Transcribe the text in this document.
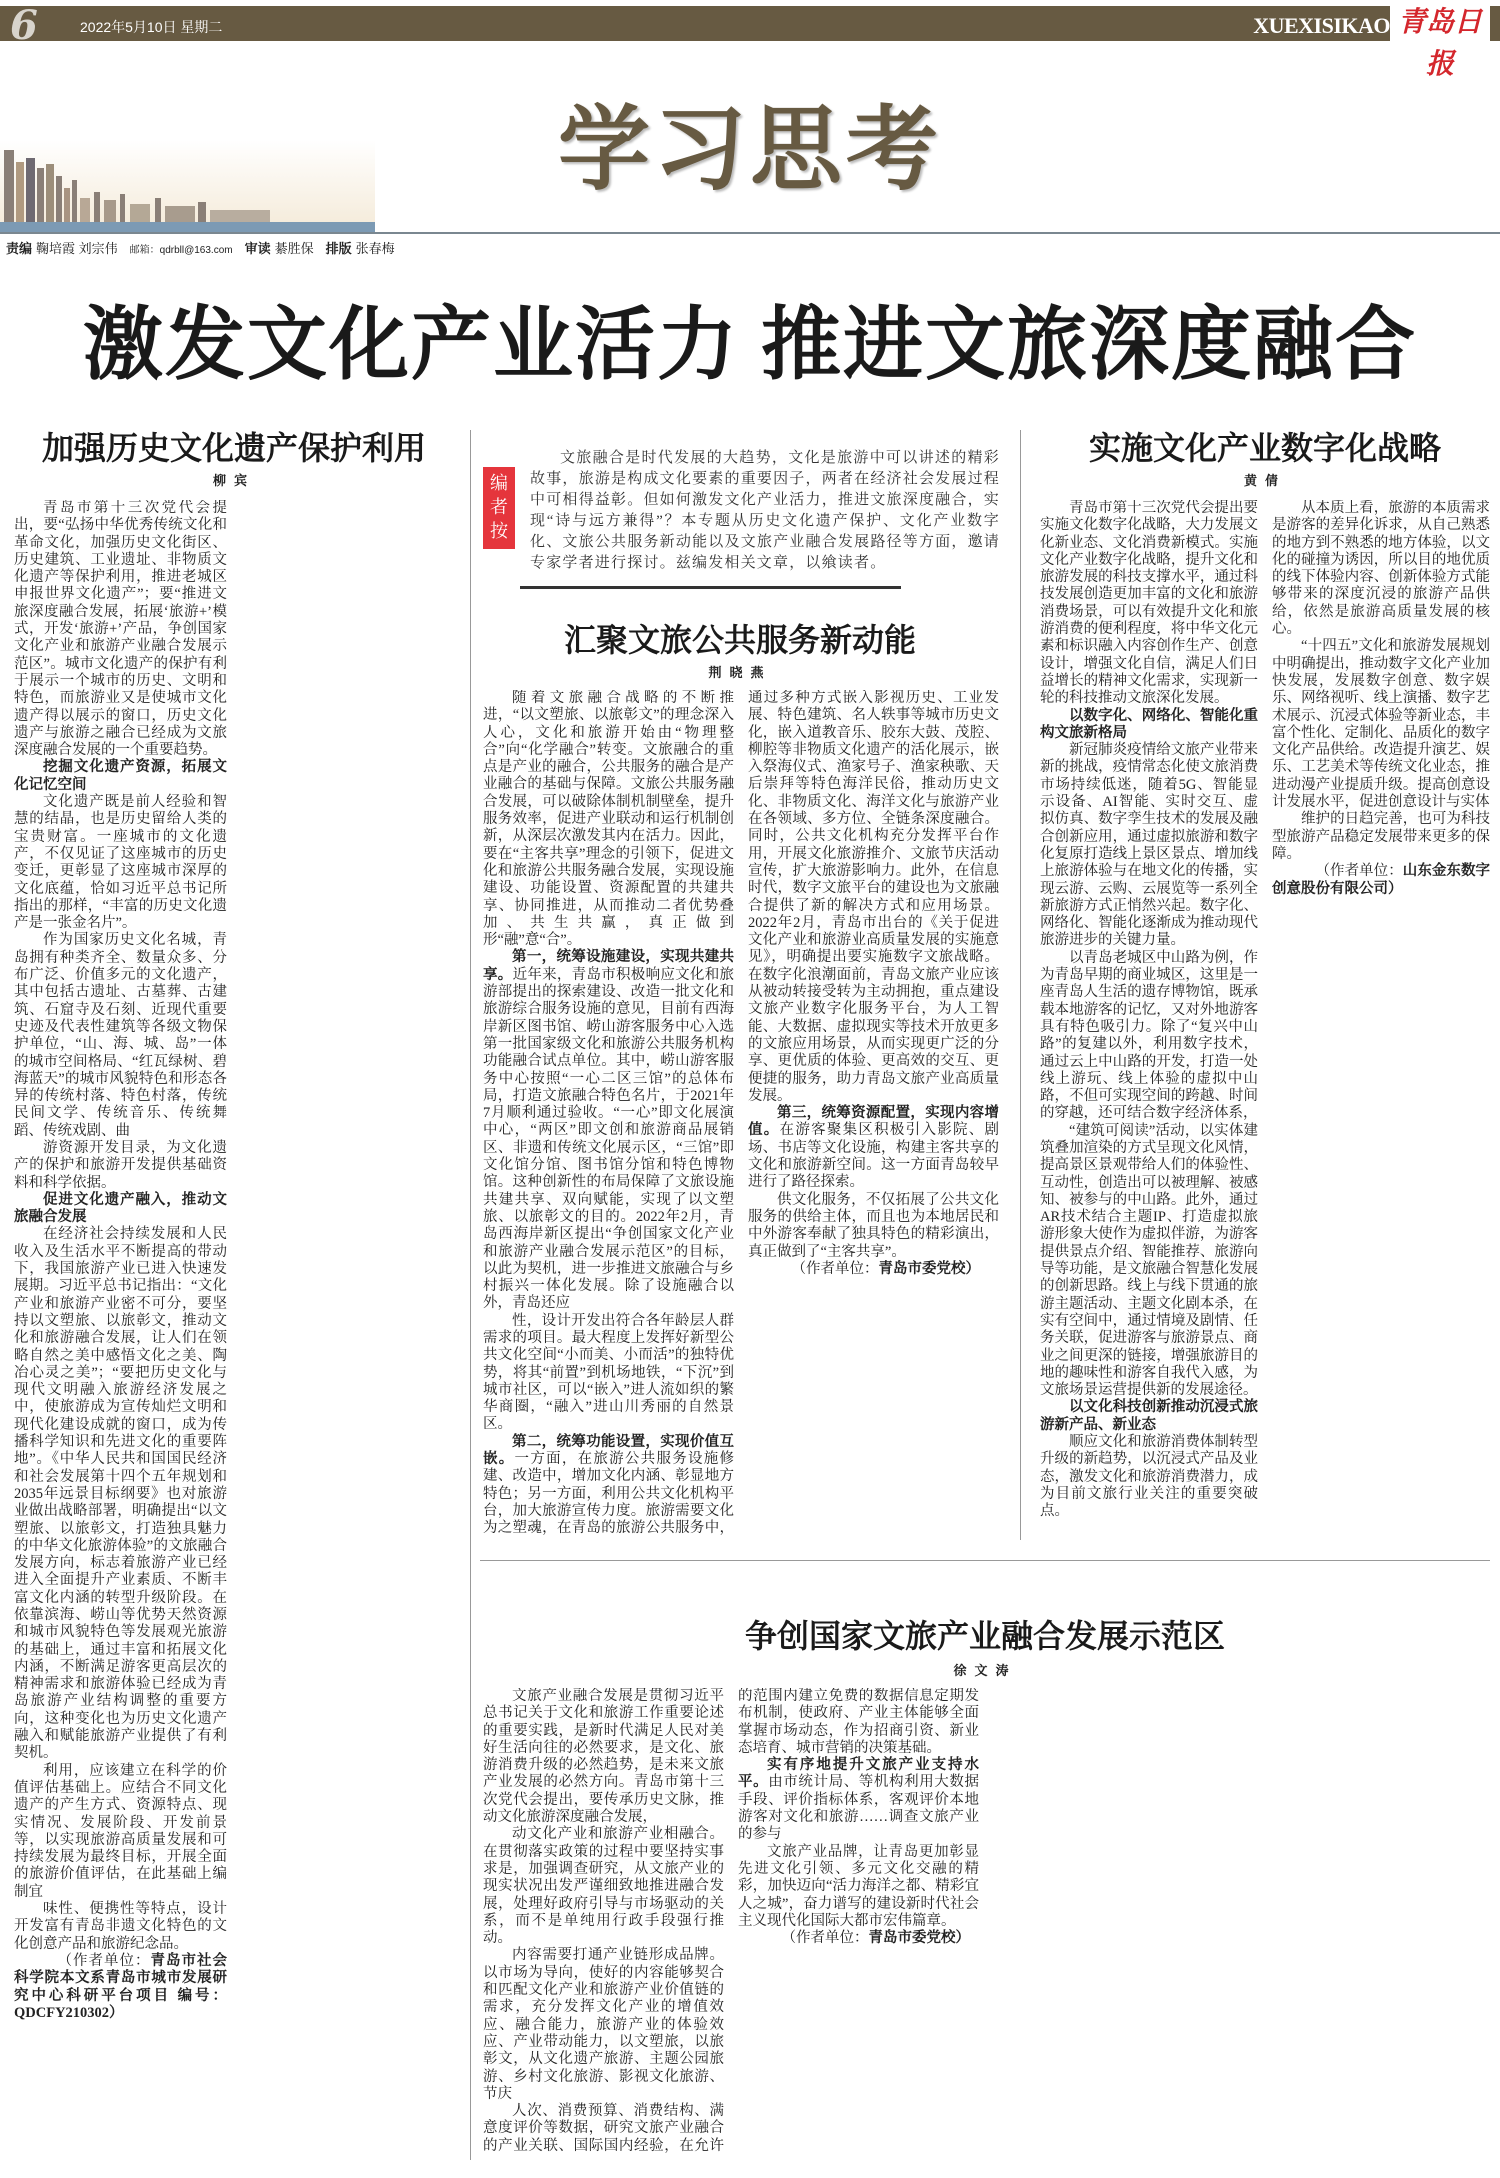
6	2022年5月10日 星期二	XUEXISIKAO 青岛日报
学习思考
责编 鞠培霞 刘宗伟 邮箱：qdrbll@163.com 审读 綦胜保 排版 张春梅
激发文化产业活力 推进文旅深度融合
编者按
文旅融合是时代发展的大趋势，文化是旅游中可以讲述的精彩故事，旅游是构成文化要素的重要因子，两者在经济社会发展过程中可相得益彰。但如何激发文化产业活力，推进文旅深度融合，实现“诗与远方兼得”？本专题从历史文化遗产保护、文化产业数字化、文旅公共服务新动能以及文旅产业融合发展路径等方面，邀请专家学者进行探讨。兹编发相关文章，以飨读者。
加强历史文化遗产保护利用
柳宾

青岛市第十三次党代会提出，要“弘扬中华优秀传统文化和革命文化，加强历史文化街区、历史建筑、工业遗址、非物质文化遗产等保护利用，推进老城区申报世界文化遗产”；要“推进文旅深度融合发展，拓展‘旅游+’模式，开发‘旅游+’产品，争创国家文化产业和旅游产业融合发展示范区”。城市文化遗产的保护有利于展示一个城市的历史、文明和特色，而旅游业又是使城市文化遗产得以展示的窗口，历史文化遗产与旅游之融合已经成为文旅深度融合发展的一个重要趋势。

挖掘文化遗产资源，拓展文化记忆空间

文化遗产既是前人经验和智慧的结晶，也是历史留给人类的宝贵财富。一座城市的文化遗产，不仅见证了这座城市的历史变迁，更彰显了这座城市深厚的文化底蕴，恰如习近平总书记所指出的那样，“丰富的历史文化遗产是一张金名片”。

作为国家历史文化名城，青岛拥有种类齐全、数量众多、分布广泛、价值多元的文化遗产，其中包括古遗址、古墓葬、古建筑、石窟寺及石刻、近现代重要史迹及代表性建筑等各级文物保护单位，“山、海、城、岛”一体的城市空间格局、“红瓦绿树、碧海蓝天”的城市风貌特色和形态各异的传统村落、特色村落，传统民间文学、传统音乐、传统舞蹈、传统戏剧、曲

游资源开发目录，为文化遗产的保护和旅游开发提供基础资料和科学依据。

促进文化遗产融入，推动文旅融合发展

在经济社会持续发展和人民收入及生活水平不断提高的带动下，我国旅游产业已进入快速发展期。习近平总书记指出：“文化产业和旅游产业密不可分，要坚持以文塑旅、以旅彰文，推动文化和旅游融合发展，让人们在领略自然之美中感悟文化之美、陶冶心灵之美”；“要把历史文化与现代文明融入旅游经济发展之中，使旅游成为宣传灿烂文明和现代化建设成就的窗口，成为传播科学知识和先进文化的重要阵地”。《中华人民共和国国民经济和社会发展第十四个五年规划和2035年远景目标纲要》也对旅游业做出战略部署，明确提出“以文塑旅、以旅彰文，打造独具魅力的中华文化旅游体验”的文旅融合发展方向，标志着旅游产业已经进入全面提升产业素质、不断丰富文化内涵的转型升级阶段。在依靠滨海、崂山等优势天然资源和城市风貌特色等发展观光旅游的基础上，通过丰富和拓展文化内涵，不断满足游客更高层次的精神需求和旅游体验已经成为青岛旅游产业结构调整的重要方向，这种变化也为历史文化遗产融入和赋能旅游产业提供了有利契机。

利用，应该建立在科学的价值评估基础上。应结合不同文化遗产的产生方式、资源特点、现实情况、发展阶段、开发前景等，以实现旅游高质量发展和可持续发展为最终目标，开展全面的旅游价值评估，在此基础上编制宜

味性、便携性等特点，设计开发富有青岛非遗文化特色的文化创意产品和旅游纪念品。

（作者单位：青岛市社会科学院本文系青岛市城市发展研究中心科研平台项目 编号：QDCFY210302）

汇聚文旅公共服务新动能
荆晓燕

随着文旅融合战略的不断推进，“以文塑旅、以旅彰文”的理念深入人心，文化和旅游开始由“物理整合”向“化学融合”转变。文旅融合的重点是产业的融合，公共服务的融合是产业融合的基础与保障。文旅公共服务融合发展，可以破除体制机制壁垒，提升服务效率，促进产业联动和运行机制创新，从深层次激发其内在活力。因此，要在“主客共享”理念的引领下，促进文化和旅游公共服务融合发展，实现设施建设、功能设置、资源配置的共建共享、协同推进，从而推动二者优势叠加、共生共赢，真正做到形“融”意“合”。

第一，统筹设施建设，实现共建共享。近年来，青岛市积极响应文化和旅游部提出的探索建设、改造一批文化和旅游综合服务设施的意见，目前有西海岸新区图书馆、崂山游客服务中心入选第一批国家级文化和旅游公共服务机构功能融合试点单位。其中，崂山游客服务中心按照“一心二区三馆”的总体布局，打造文旅融合特色名片，于2021年7月顺利通过验收。“一心”即文化展演中心，“两区”即文创和旅游商品展销区、非遗和传统文化展示区，“三馆”即文化馆分馆、图书馆分馆和特色博物馆。这种创新性的布局保障了文旅设施共建共享、双向赋能，实现了以文塑旅、以旅彰文的目的。2022年2月，青岛西海岸新区提出“争创国家文化产业和旅游产业融合发展示范区”的目标，以此为契机，进一步推进文旅融合与乡村振兴一体化发展。除了设施融合以外，青岛还应

性，设计开发出符合各年龄层人群需求的项目。最大程度上发挥好新型公共文化空间“小而美、小而活”的独特优势，将其“前置”到机场地铁，“下沉”到城市社区，可以“嵌入”进人流如织的繁华商圈，“融入”进山川秀丽的自然景区。

第二，统筹功能设置，实现价值互嵌。一方面，在旅游公共服务设施修建、改造中，增加文化内涵、彰显地方特色；另一方面，利用公共文化机构平台，加大旅游宣传力度。旅游需要文化为之塑魂，在青岛的旅游公共服务中，通过多种方式嵌入影视历史、工业发展、特色建筑、名人轶事等城市历史文化，嵌入道教音乐、胶东大鼓、茂腔、柳腔等非物质文化遗产的活化展示，嵌入祭海仪式、渔家号子、渔家秧歌、天后崇拜等特色海洋民俗，推动历史文化、非物质文化、海洋文化与旅游产业在各领域、多方位、全链条深度融合。同时，公共文化机构充分发挥平台作用，开展文化旅游推介、文旅节庆活动宣传，扩大旅游影响力。此外，在信息时代，数字文旅平台的建设也为文旅融合提供了新的解决方式和应用场景。2022年2月，青岛市出台的《关于促进文化产业和旅游业高质量发展的实施意见》，明确提出要实施数字文旅战略。在数字化浪潮面前，青岛文旅产业应该从被动转接受转为主动拥抱，重点建设文旅产业数字化服务平台，为人工智能、大数据、虚拟现实等技术开放更多的文旅应用场景，从而实现更广泛的分享、更优质的体验、更高效的交互、更便捷的服务，助力青岛文旅产业高质量发展。

第三，统筹资源配置，实现内容增值。在游客聚集区积极引入影院、剧场、书店等文化设施，构建主客共享的文化和旅游新空间。这一方面青岛较早进行了路径探索。

供文化服务，不仅拓展了公共文化服务的供给主体，而且也为本地居民和中外游客奉献了独具特色的精彩演出，真正做到了“主客共享”。

（作者单位：青岛市委党校）

实施文化产业数字化战略
黄倩

青岛市第十三次党代会提出要实施文化数字化战略，大力发展文化新业态、文化消费新模式。实施文化产业数字化战略，提升文化和旅游发展的科技支撑水平，通过科技发展创造更加丰富的文化和旅游消费场景，可以有效提升文化和旅游消费的便利程度，将中华文化元素和标识融入内容创作生产、创意设计，增强文化自信，满足人们日益增长的精神文化需求，实现新一轮的科技推动文旅深化发展。

以数字化、网络化、智能化重构文旅新格局

新冠肺炎疫情给文旅产业带来新的挑战，疫情常态化使文旅消费市场持续低迷，随着5G、智能显示设备、AI智能、实时交互、虚拟仿真、数字孪生技术的发展及融合创新应用，通过虚拟旅游和数字化复原打造线上景区景点、增加线上旅游体验与在地文化的传播，实现云游、云购、云展览等一系列全新旅游方式正悄然兴起。数字化、网络化、智能化逐渐成为推动现代旅游进步的关键力量。

以青岛老城区中山路为例，作为青岛早期的商业城区，这里是一座青岛人生活的遗存博物馆，既承载本地游客的记忆，又对外地游客具有特色吸引力。除了“复兴中山路”的复建以外，利用数字技术，通过云上中山路的开发，打造一处线上游玩、线上体验的虚拟中山路，不但可实现空间的跨越、时间的穿越，还可结合数字经济体系，

“建筑可阅读”活动，以实体建筑叠加渲染的方式呈现文化风情，提高景区景观带给人们的体验性、互动性，创造出可以被理解、被感知、被参与的中山路。此外，通过AR技术结合主题IP、打造虚拟旅游形象大使作为虚拟伴游，为游客提供景点介绍、智能推荐、旅游向导等功能，是文旅融合智慧化发展的创新思路。线上与线下贯通的旅游主题活动、主题文化剧本杀，在实有空间中，通过情境及剧情、任务关联，促进游客与旅游景点、商业之间更深的链接，增强旅游目的地的趣味性和游客自我代入感，为文旅场景运营提供新的发展途径。

以文化科技创新推动沉浸式旅游新产品、新业态

顺应文化和旅游消费体制转型升级的新趋势，以沉浸式产品及业态，激发文化和旅游消费潜力，成为目前文旅行业关注的重要突破点。

从本质上看，旅游的本质需求是游客的差异化诉求，从自己熟悉的地方到不熟悉的地方体验，以文化的碰撞为诱因，所以目的地优质的线下体验内容、创新体验方式能够带来的深度沉浸的旅游产品供给，依然是旅游高质量发展的核心。

“十四五”文化和旅游发展规划中明确提出，推动数字文化产业加快发展，发展数字创意、数字娱乐、网络视听、线上演播、数字艺术展示、沉浸式体验等新业态，丰富个性化、定制化、品质化的数字文化产品供给。改造提升演艺、娱乐、工艺美术等传统文化业态，推进动漫产业提质升级。提高创意设计发展水平，促进创意设计与实体

维护的日趋完善，也可为科技型旅游产品稳定发展带来更多的保障。

（作者单位：山东金东数字创意股份有限公司）

争创国家文旅产业融合发展示范区
徐文涛

文旅产业融合发展是贯彻习近平总书记关于文化和旅游工作重要论述的重要实践，是新时代满足人民对美好生活向往的必然要求，是文化、旅游消费升级的必然趋势，是未来文旅产业发展的必然方向。青岛市第十三次党代会提出，要传承历史文脉，推动文化旅游深度融合发展，

动文化产业和旅游产业相融合。在贯彻落实政策的过程中要坚持实事求是，加强调查研究，从文旅产业的现实状况出发严谨细致地推进融合发展，处理好政府引导与市场驱动的关系，而不是单纯用行政手段强行推动。

内容需要打通产业链形成品牌。以市场为导向，使好的内容能够契合和匹配文化产业和旅游产业价值链的需求，充分发挥文化产业的增值效应、融合能力，旅游产业的体验效应、产业带动能力，以文塑旅，以旅彰文，从文化遗产旅游、主题公园旅游、乡村文化旅游、影视文化旅游、节庆

人次、消费预算、消费结构、满意度评价等数据，研究文旅产业融合的产业关联、国际国内经验，在允许的范围内建立免费的数据信息定期发布机制，使政府、产业主体能够全面掌握市场动态，作为招商引资、新业态培育、城市营销的决策基础。

实有序地提升文旅产业支持水平。由市统计局、等机构利用大数据手段、评价指标体系，客观评价本地游客对文化和旅游……调查文旅产业的参与

文旅产业品牌，让青岛更加彰显先进文化引领、多元文化交融的精彩，加快迈向“活力海洋之都、精彩宜人之城”，奋力谱写的建设新时代社会主义现代化国际大都市宏伟篇章。

（作者单位：青岛市委党校）
